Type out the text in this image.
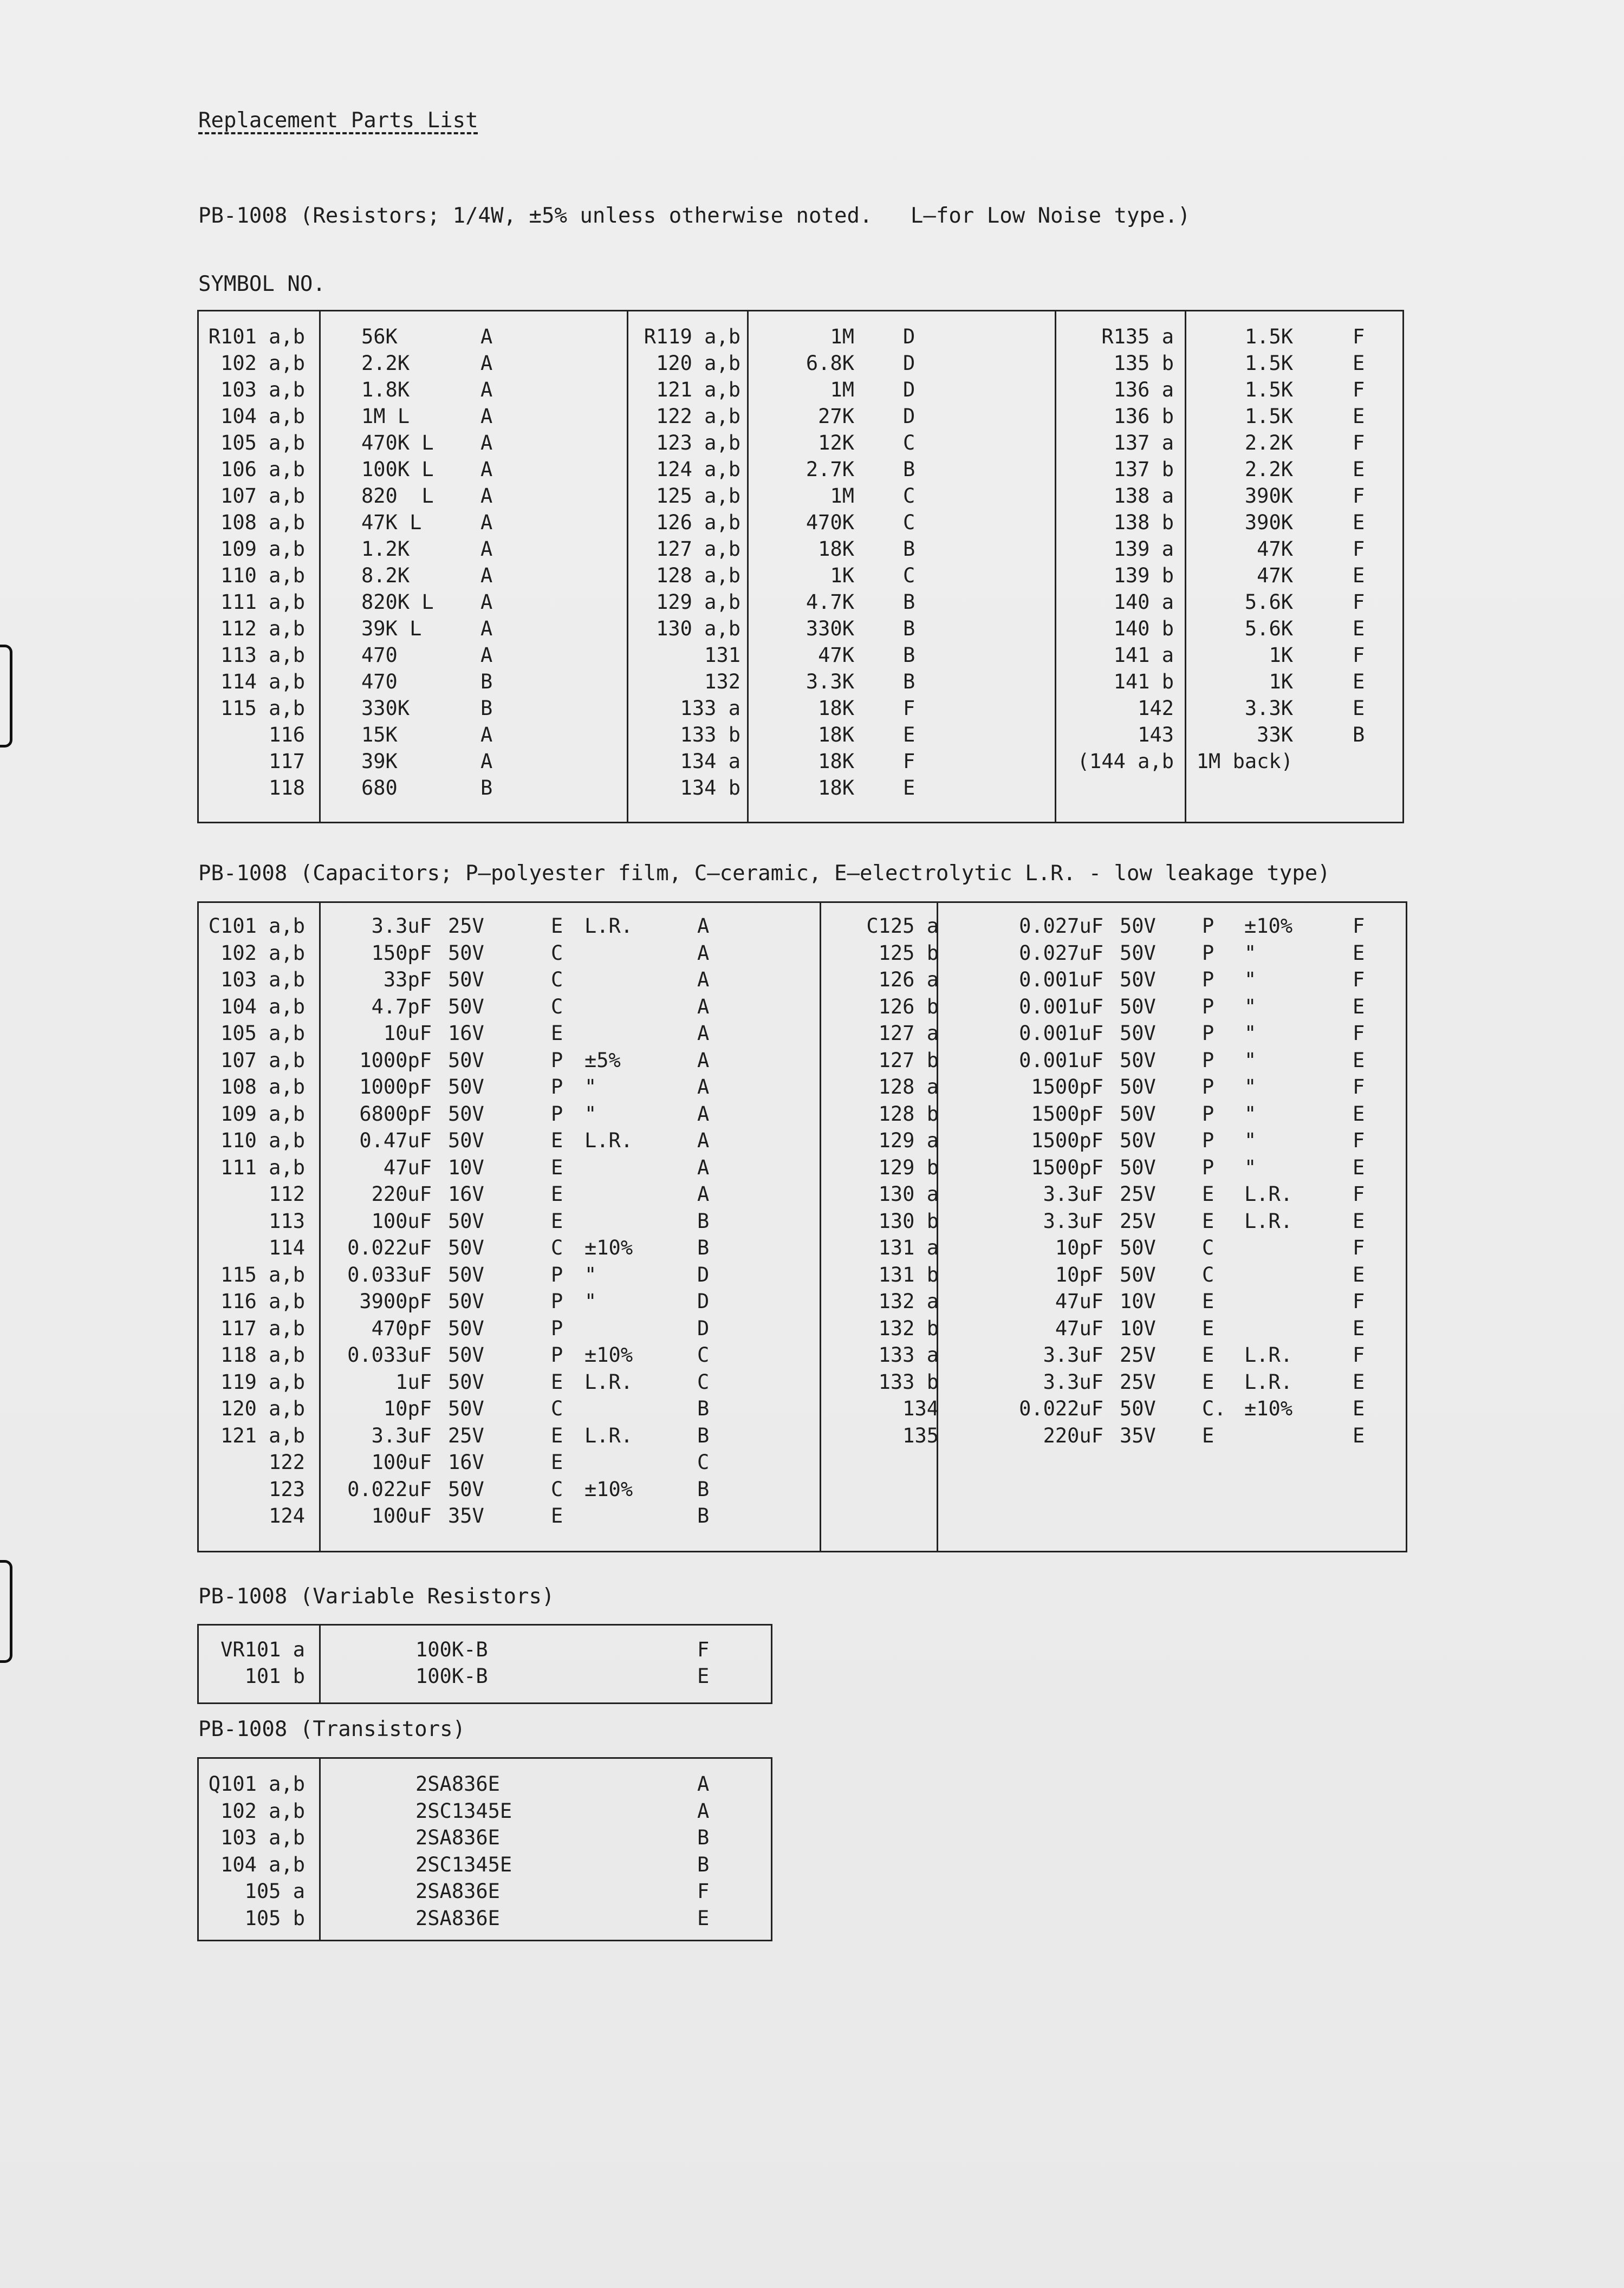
Replacement Parts List
PB-1008 (Resistors; 1/4W, ±5% unless otherwise noted.   L—for Low Noise type.)
SYMBOL NO.
R101 a,b	56K	A
102 a,b	2.2K	A
103 a,b	1.8K	A
104 a,b	1M L	A
105 a,b	470K L	A
106 a,b	100K L	A
107 a,b	820  L	A
108 a,b	47K L	A
109 a,b	1.2K	A
110 a,b	8.2K	A
111 a,b	820K L	A
112 a,b	39K L	A
113 a,b	470	A
114 a,b	470	B
115 a,b	330K	B
116	15K	A
117	39K	A
118	680	B
R119 a,b	1M D
120 a,b	6.8K D
121 a,b	1M D
122 a,b	27K D
123 a,b	12K C
124 a,b	2.7K B
125 a,b	1M C
126 a,b	470K C
127 a,b	18K B
128 a,b	1K C
129 a,b	4.7K B
130 a,b	330K B
131	47K B
132	3.3K B
133 a	18K F
133 b	18K E
134 a	18K F
134 b	18K E
R135 a	1.5K	F
135 b	1.5K	E
136 a	1.5K	F
136 b	1.5K	E
137 a	2.2K	F
137 b	2.2K	E
138 a	390K	F
138 b	390K	E
139 a	47K	F
139 b	47K	E
140 a	5.6K	F
140 b	5.6K	E
141 a	1K	F
141 b	1K	E
142	3.3K	E
143	33K	B
(144 a,b 1M back)
PB-1008 (Capacitors; P—polyester film, C—ceramic, E—electrolytic L.R. - low leakage type)
C101 a,b	3.3uF 25V	E	L.R.	A
102 a,b	150pF 50V	C	A
103 a,b	33pF 50V	C	A
104 a,b	4.7pF 50V	C	A
105 a,b	10uF 16V	E	A
107 a,b	1000pF 50V	P	±5%	A
108 a,b	1000pF 50V	P	"	A
109 a,b	6800pF 50V	P	"	A
110 a,b	0.47uF 50V	E	L.R.	A
111 a,b	47uF 10V	E	A
112	220uF 16V	E	A
113	100uF 50V	E	B
114	0.022uF 50V	C	±10%	B
115 a,b	0.033uF 50V	P	"	D
116 a,b	3900pF 50V	P	"	D
117 a,b	470pF 50V	P	D
118 a,b	0.033uF 50V	P	±10%	C
119 a,b	1uF 50V	E	L.R.	C
120 a,b	10pF 50V	C	B
121 a,b	3.3uF 25V	E	L.R.	B
122	100uF 16V	E	C
123	0.022uF 50V	C	±10%	B
124	100uF 35V	E	B
C125 a	0.027uF 50V	P	±10%	F
125 b	0.027uF 50V	P	"	E
126 a	0.001uF 50V	P	"	F
126 b	0.001uF 50V	P	"	E
127 a	0.001uF 50V	P	"	F
127 b	0.001uF 50V	P	"	E
128 a	1500pF 50V	P	"	F
128 b	1500pF 50V	P	"	E
129 a	1500pF 50V	P	"	F
129 b	1500pF 50V	P	"	E
130 a	3.3uF 25V	E	L.R.	F
130 b	3.3uF 25V	E	L.R.	E
131 a	10pF 50V	C	F
131 b	10pF 50V	C	E
132 a	47uF 10V	E	F
132 b	47uF 10V	E	E
133 a	3.3uF 25V	E	L.R.	F
133 b	3.3uF 25V	E	L.R.	E
134	0.022uF 50V	C. ±10%	E
135	220uF 35V	E	E
PB-1008 (Variable Resistors)
VR101 a	100K-B	F
101 b	100K-B	E
PB-1008 (Transistors)
Q101 a,b	2SA836E	A
102 a,b	2SC1345E	A
103 a,b	2SA836E	B
104 a,b	2SC1345E	B
105 a	2SA836E	F
105 b	2SA836E	E
